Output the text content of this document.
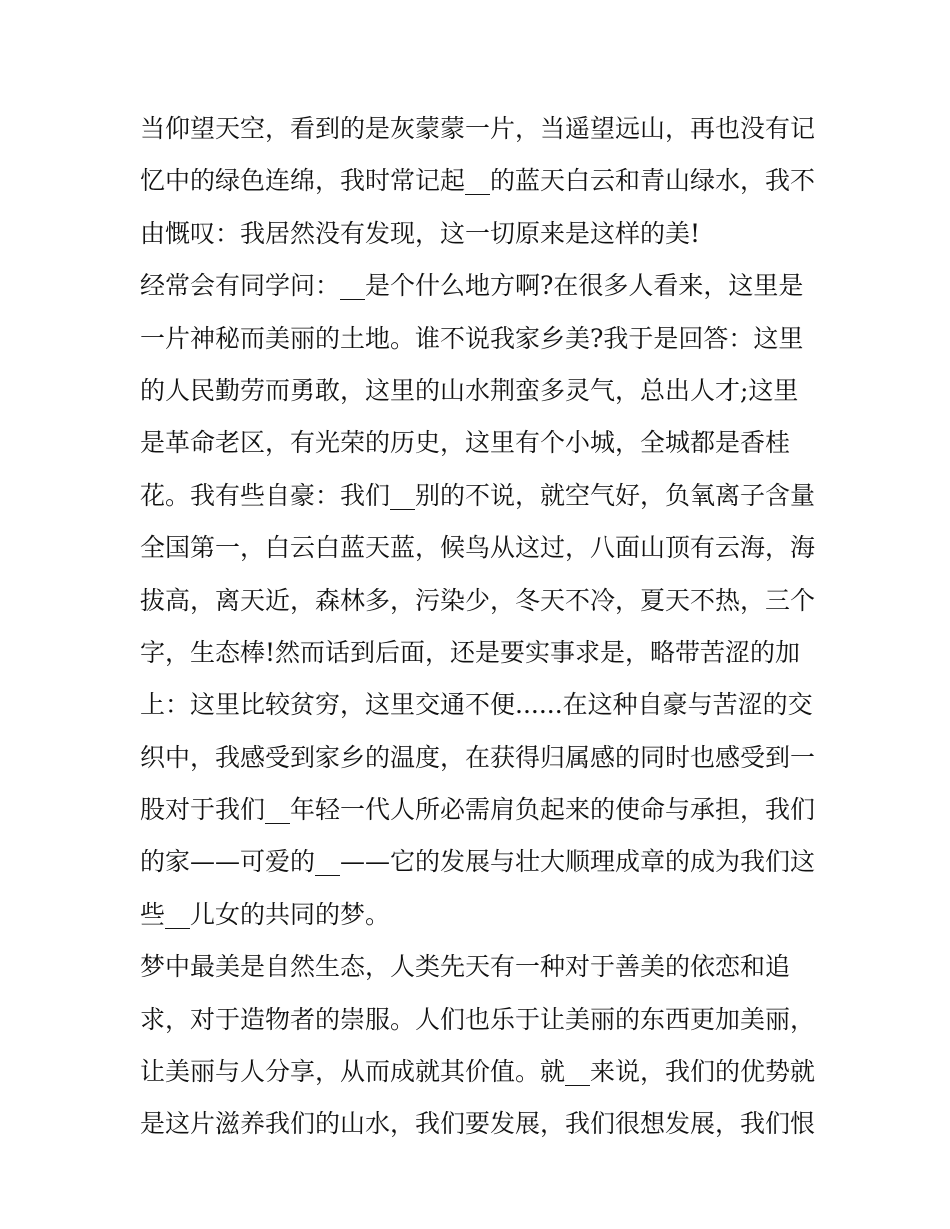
当仰望天空，看到的是灰蒙蒙一片，当遥望远山，再也没有记
忆中的绿色连绵，我时常记起__的蓝天白云和青山绿水，我不
由慨叹：我居然没有发现，这一切原来是这样的美!
经常会有同学问：__是个什么地方啊?在很多人看来，这里是
一片神秘而美丽的土地。谁不说我家乡美?我于是回答：这里
的人民勤劳而勇敢，这里的山水荆蛮多灵气，总出人才;这里
是革命老区，有光荣的历史，这里有个小城，全城都是香桂
花。我有些自豪：我们__别的不说，就空气好，负氧离子含量
全国第一，白云白蓝天蓝，候鸟从这过，八面山顶有云海，海
拔高，离天近，森林多，污染少，冬天不冷，夏天不热，三个
字，生态棒!然而话到后面，还是要实事求是，略带苦涩的加
上：这里比较贫穷，这里交通不便......在这种自豪与苦涩的交
织中，我感受到家乡的温度，在获得归属感的同时也感受到一
股对于我们__年轻一代人所必需肩负起来的使命与承担，我们
的家——可爱的__——它的发展与壮大顺理成章的成为我们这
些__儿女的共同的梦。
梦中最美是自然生态，人类先天有一种对于善美的依恋和追
求，对于造物者的崇服。人们也乐于让美丽的东西更加美丽，
让美丽与人分享，从而成就其价值。就__来说，我们的优势就
是这片滋养我们的山水，我们要发展，我们很想发展，我们恨
